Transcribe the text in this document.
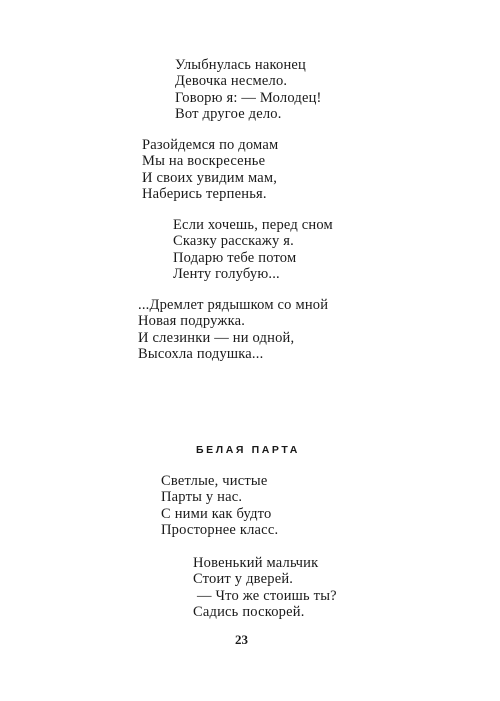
Улыбнулась наконец
Девочка несмело.
Говорю я: — Молодец!
Вот другое дело.
Разойдемся по домам
Мы на воскресенье
И своих увидим мам,
Наберись терпенья.
Если хочешь, перед сном
Сказку расскажу я.
Подарю тебе потом
Ленту голубую...
...Дремлет рядышком со мной
Новая подружка.
И слезинки — ни одной,
Высохла подушка...
БЕЛАЯ ПАРТА
Светлые, чистые
Парты у нас.
С ними как будто
Просторнее класс.
Новенький мальчик
Стоит у дверей.
— Что же стоишь ты?
Садись поскорей.
23
